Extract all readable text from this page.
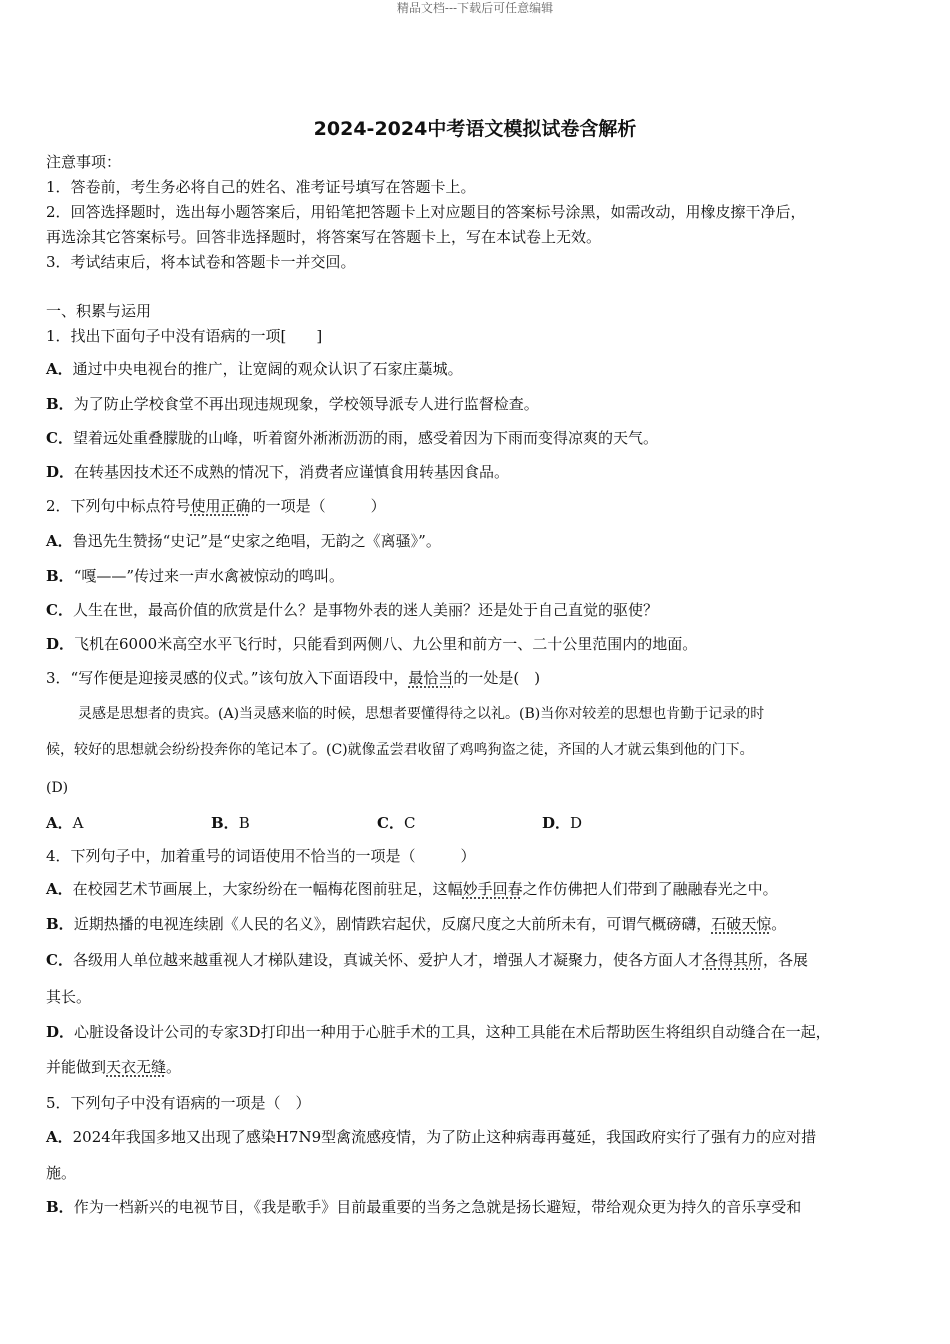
精品文档---下载后可任意编辑
2024-2024中考语文模拟试卷含解析
注意事项：
1．答卷前，考生务必将自己的姓名、准考证号填写在答题卡上。
2．回答选择题时，选出每小题答案后，用铅笔把答题卡上对应题目的答案标号涂黑，如需改动，用橡皮擦干净后，
再选涂其它答案标号。回答非选择题时，将答案写在答题卡上，写在本试卷上无效。
3．考试结束后，将本试卷和答题卡一并交回。
一、积累与运用
1．找出下面句子中没有语病的一项[　　]
A．通过中央电视台的推广，让宽阔的观众认识了石家庄藁城。
B．为了防止学校食堂不再出现违规现象，学校领导派专人进行监督检查。
C．望着远处重叠朦胧的山峰，听着窗外淅淅沥沥的雨，感受着因为下雨而变得凉爽的天气。
D．在转基因技术还不成熟的情况下，消费者应谨慎食用转基因食品。
2．下列句中标点符号使用正确的一项是（　　　）
A．鲁迅先生赞扬“史记”是“史家之绝唱，无韵之《离骚》”。
B．“嘎——”传过来一声水禽被惊动的鸣叫。
C．人生在世，最高价值的欣赏是什么？是事物外表的迷人美丽？还是处于自己直觉的驱使？
D．飞机在6000米高空水平飞行时，只能看到两侧八、九公里和前方一、二十公里范围内的地面。
3．“写作便是迎接灵感的仪式。”该句放入下面语段中，最恰当的一处是(　)
灵感是思想者的贵宾。(A)当灵感来临的时候，思想者要懂得待之以礼。(B)当你对较差的思想也肯勤于记录的时
候，较好的思想就会纷纷投奔你的笔记本了。(C)就像孟尝君收留了鸡鸣狗盗之徒，齐国的人才就云集到他的门下。
(D)
A．A	B．B	C．C	D．D
4．下列句子中，加着重号的词语使用不恰当的一项是（　　　）
A．在校园艺术节画展上，大家纷纷在一幅梅花图前驻足，这幅妙手回春之作仿佛把人们带到了融融春光之中。
B．近期热播的电视连续剧《人民的名义》，剧情跌宕起伏，反腐尺度之大前所未有，可谓气概磅礴，石破天惊。
C．各级用人单位越来越重视人才梯队建设，真诚关怀、爱护人才，增强人才凝聚力，使各方面人才各得其所，各展
其长。
D．心脏设备设计公司的专家3D打印出一种用于心脏手术的工具，这种工具能在术后帮助医生将组织自动缝合在一起，
并能做到天衣无缝。
5．下列句子中没有语病的一项是（　）
A．2024年我国多地又出现了感染H7N9型禽流感疫情，为了防止这种病毒再蔓延，我国政府实行了强有力的应对措
施。
B．作为一档新兴的电视节目，《我是歌手》目前最重要的当务之急就是扬长避短，带给观众更为持久的音乐享受和
